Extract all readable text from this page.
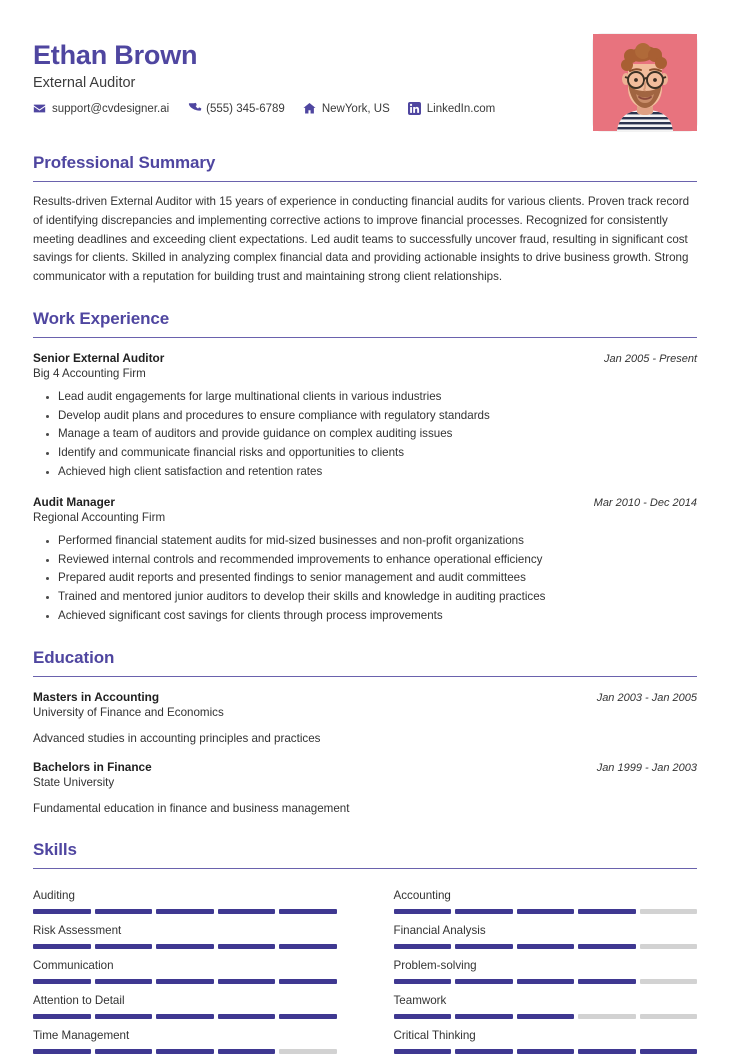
Ethan Brown
External Auditor
support@cvdesigner.ai	(555) 345-6789	NewYork, US	LinkedIn.com
Professional Summary
Results-driven External Auditor with 15 years of experience in conducting financial audits for various clients. Proven track record of identifying discrepancies and implementing corrective actions to improve financial processes. Recognized for consistently meeting deadlines and exceeding client expectations. Led audit teams to successfully uncover fraud, resulting in significant cost savings for clients. Skilled in analyzing complex financial data and providing actionable insights to drive business growth. Strong communicator with a reputation for building trust and maintaining strong client relationships.
Work Experience
Senior External Auditor	Jan 2005 - Present
Big 4 Accounting Firm
Lead audit engagements for large multinational clients in various industries
Develop audit plans and procedures to ensure compliance with regulatory standards
Manage a team of auditors and provide guidance on complex auditing issues
Identify and communicate financial risks and opportunities to clients
Achieved high client satisfaction and retention rates
Audit Manager	Mar 2010 - Dec 2014
Regional Accounting Firm
Performed financial statement audits for mid-sized businesses and non-profit organizations
Reviewed internal controls and recommended improvements to enhance operational efficiency
Prepared audit reports and presented findings to senior management and audit committees
Trained and mentored junior auditors to develop their skills and knowledge in auditing practices
Achieved significant cost savings for clients through process improvements
Education
Masters in Accounting	Jan 2003 - Jan 2005
University of Finance and Economics
Advanced studies in accounting principles and practices
Bachelors in Finance	Jan 1999 - Jan 2003
State University
Fundamental education in finance and business management
Skills
Auditing	Accounting
Risk Assessment	Financial Analysis
Communication	Problem-solving
Attention to Detail	Teamwork
Time Management	Critical Thinking
